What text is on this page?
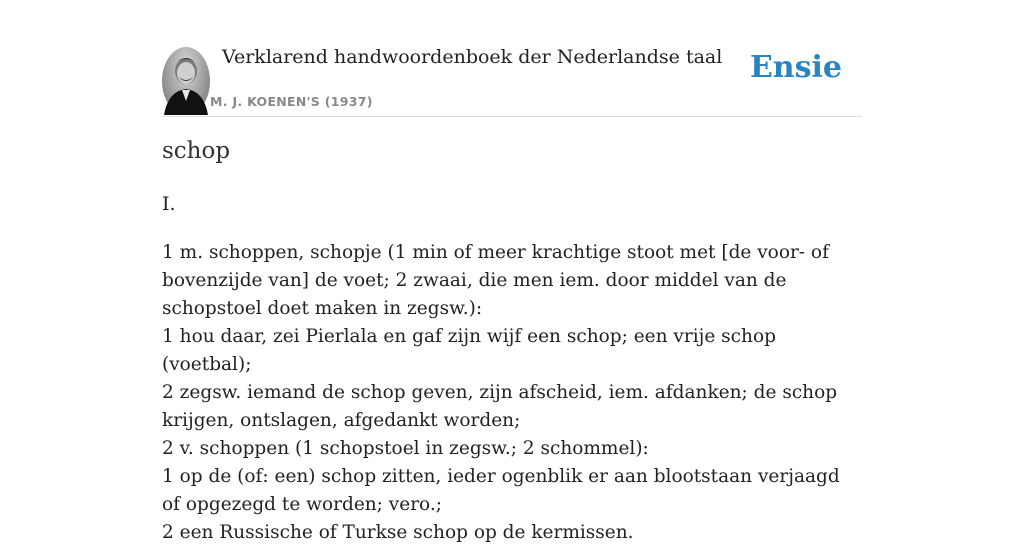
Verklarend handwoordenboek der Nederlandse taal
M. J. KOENEN'S (1937)
Ensie
schop
I.
1 m. schoppen, schopje (1 min of meer krachtige stoot met [de voor- of bovenzijde van] de voet; 2 zwaai, die men iem. door middel van de schopstoel doet maken in zegsw.):
1 hou daar, zei Pierlala en gaf zijn wijf een schop; een vrije schop (voetbal);
2 zegsw. iemand de schop geven, zijn afscheid, iem. afdanken; de schop krijgen, ontslagen, afgedankt worden;
2 v. schoppen (1 schopstoel in zegsw.; 2 schommel):
1 op de (of: een) schop zitten, ieder ogenblik er aan blootstaan verjaagd of opgezegd te worden; vero.;
2 een Russische of Turkse schop op de kermissen.
